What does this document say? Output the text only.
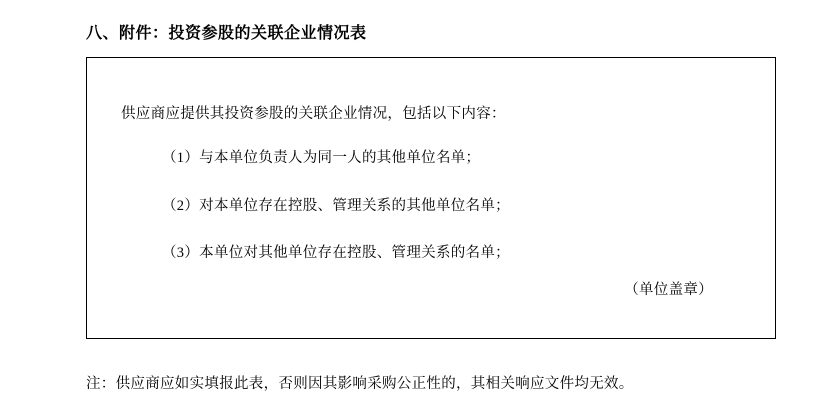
八、附件：投资参股的关联企业情况表

供应商应提供其投资参股的关联企业情况，包括以下内容：

（1）与本单位负责人为同一人的其他单位名单；
（2）对本单位存在控股、管理关系的其他单位名单；
（3）本单位对其他单位存在控股、管理关系的名单；
（单位盖章）
注：供应商应如实填报此表，否则因其影响采购公正性的，其相关响应文件均无效。
